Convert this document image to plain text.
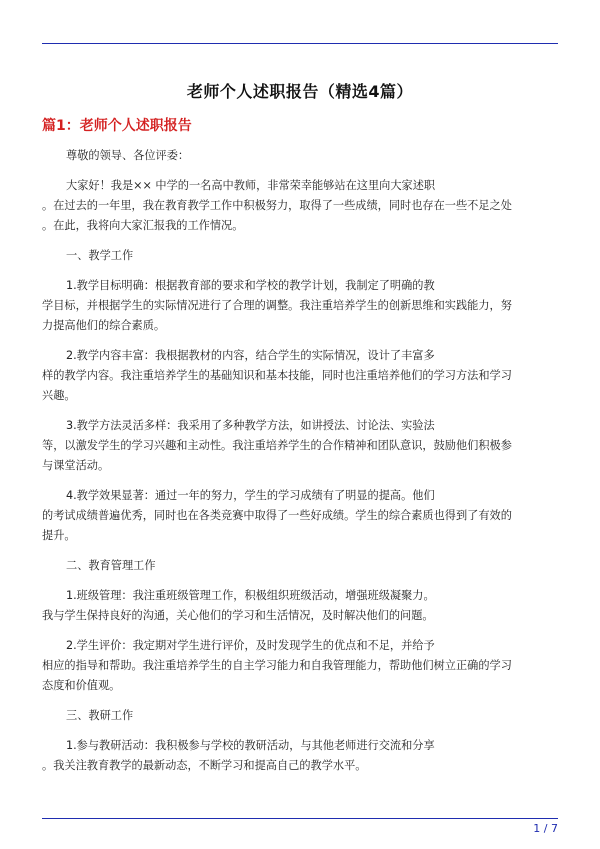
老师个人述职报告（精选4篇）
篇1：老师个人述职报告
尊敬的领导、各位评委：
大家好！我是×× 中学的一名高中教师，非常荣幸能够站在这里向大家述职
。在过去的一年里，我在教育教学工作中积极努力，取得了一些成绩，同时也存在一些不足之处
。在此，我将向大家汇报我的工作情况。
一、教学工作
1.教学目标明确：根据教育部的要求和学校的教学计划，我制定了明确的教
学目标，并根据学生的实际情况进行了合理的调整。我注重培养学生的创新思维和实践能力，努
力提高他们的综合素质。
2.教学内容丰富：我根据教材的内容，结合学生的实际情况，设计了丰富多
样的教学内容。我注重培养学生的基础知识和基本技能，同时也注重培养他们的学习方法和学习
兴趣。
3.教学方法灵活多样：我采用了多种教学方法，如讲授法、讨论法、实验法
等，以激发学生的学习兴趣和主动性。我注重培养学生的合作精神和团队意识，鼓励他们积极参
与课堂活动。
4.教学效果显著：通过一年的努力，学生的学习成绩有了明显的提高。他们
的考试成绩普遍优秀，同时也在各类竞赛中取得了一些好成绩。学生的综合素质也得到了有效的
提升。
二、教育管理工作
1.班级管理：我注重班级管理工作，积极组织班级活动，增强班级凝聚力。
我与学生保持良好的沟通，关心他们的学习和生活情况，及时解决他们的问题。
2.学生评价：我定期对学生进行评价，及时发现学生的优点和不足，并给予
相应的指导和帮助。我注重培养学生的自主学习能力和自我管理能力，帮助他们树立正确的学习
态度和价值观。
三、教研工作
1.参与教研活动：我积极参与学校的教研活动，与其他老师进行交流和分享
。我关注教育教学的最新动态，不断学习和提高自己的教学水平。
1 / 7
